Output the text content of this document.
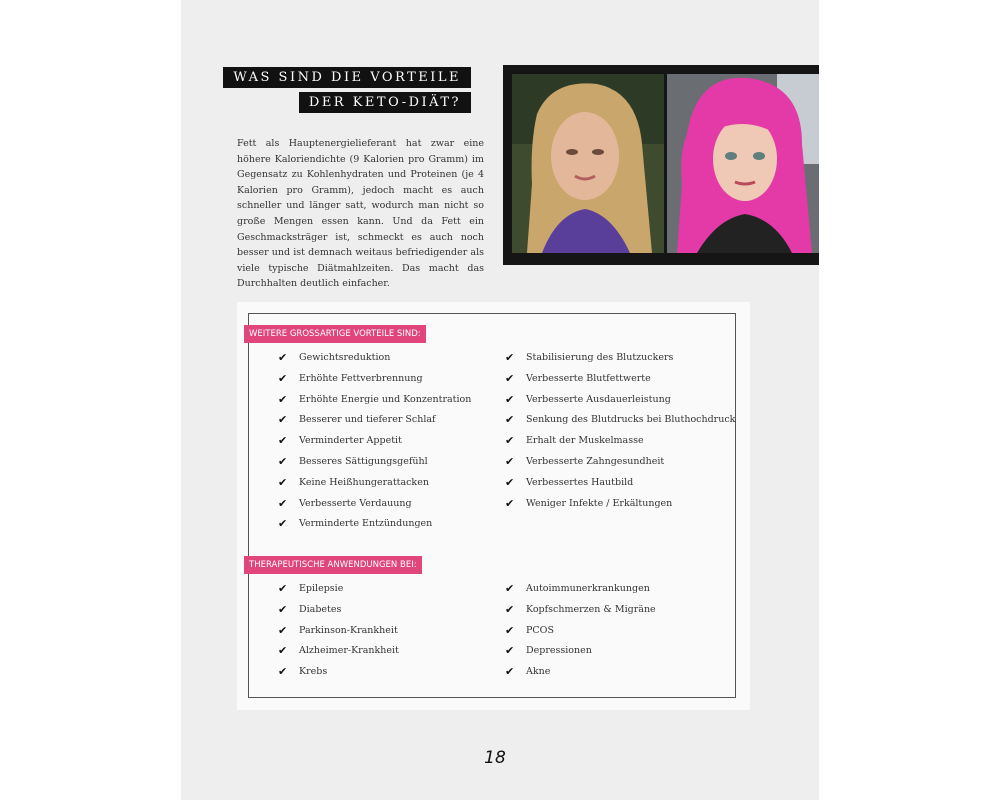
WAS SIND DIE VORTEILE
DER KETO-DIÄT?
Fett als Hauptenergielieferant hat zwar eine höhere Kaloriendichte (9 Kalorien pro Gramm) im Gegensatz zu Kohlenhydraten und Proteinen (je 4 Kalorien pro Gramm), jedoch macht es auch schneller und länger satt, wodurch man nicht so große Mengen essen kann. Und da Fett ein Geschmacksträger ist, schmeckt es auch noch besser und ist demnach weitaus befriedigender als viele typische Diätmahlzeiten. Das macht das Durchhalten deutlich einfacher.
WEITERE GROSSARTIGE VORTEILE SIND:
THERAPEUTISCHE ANWENDUNGEN BEI:
✔ Gewichtsreduktion
✔ Erhöhte Fettverbrennung
✔ Erhöhte Energie und Konzentration
✔ Besserer und tieferer Schlaf
✔ Verminderter Appetit
✔ Besseres Sättigungsgefühl
✔ Keine Heißhungerattacken
✔ Verbesserte Verdauung
✔ Verminderte Entzündungen
✔ Stabilisierung des Blutzuckers
✔ Verbesserte Blutfettwerte
✔ Verbesserte Ausdauerleistung
✔ Senkung des Blutdrucks bei Bluthochdruck
✔ Erhalt der Muskelmasse
✔ Verbesserte Zahngesundheit
✔ Verbessertes Hautbild
✔ Weniger Infekte / Erkältungen
✔ Epilepsie
✔ Diabetes
✔ Parkinson-Krankheit
✔ Alzheimer-Krankheit
✔ Krebs
✔ Autoimmunerkrankungen
✔ Kopfschmerzen & Migräne
✔ PCOS
✔ Depressionen
✔ Akne
18
